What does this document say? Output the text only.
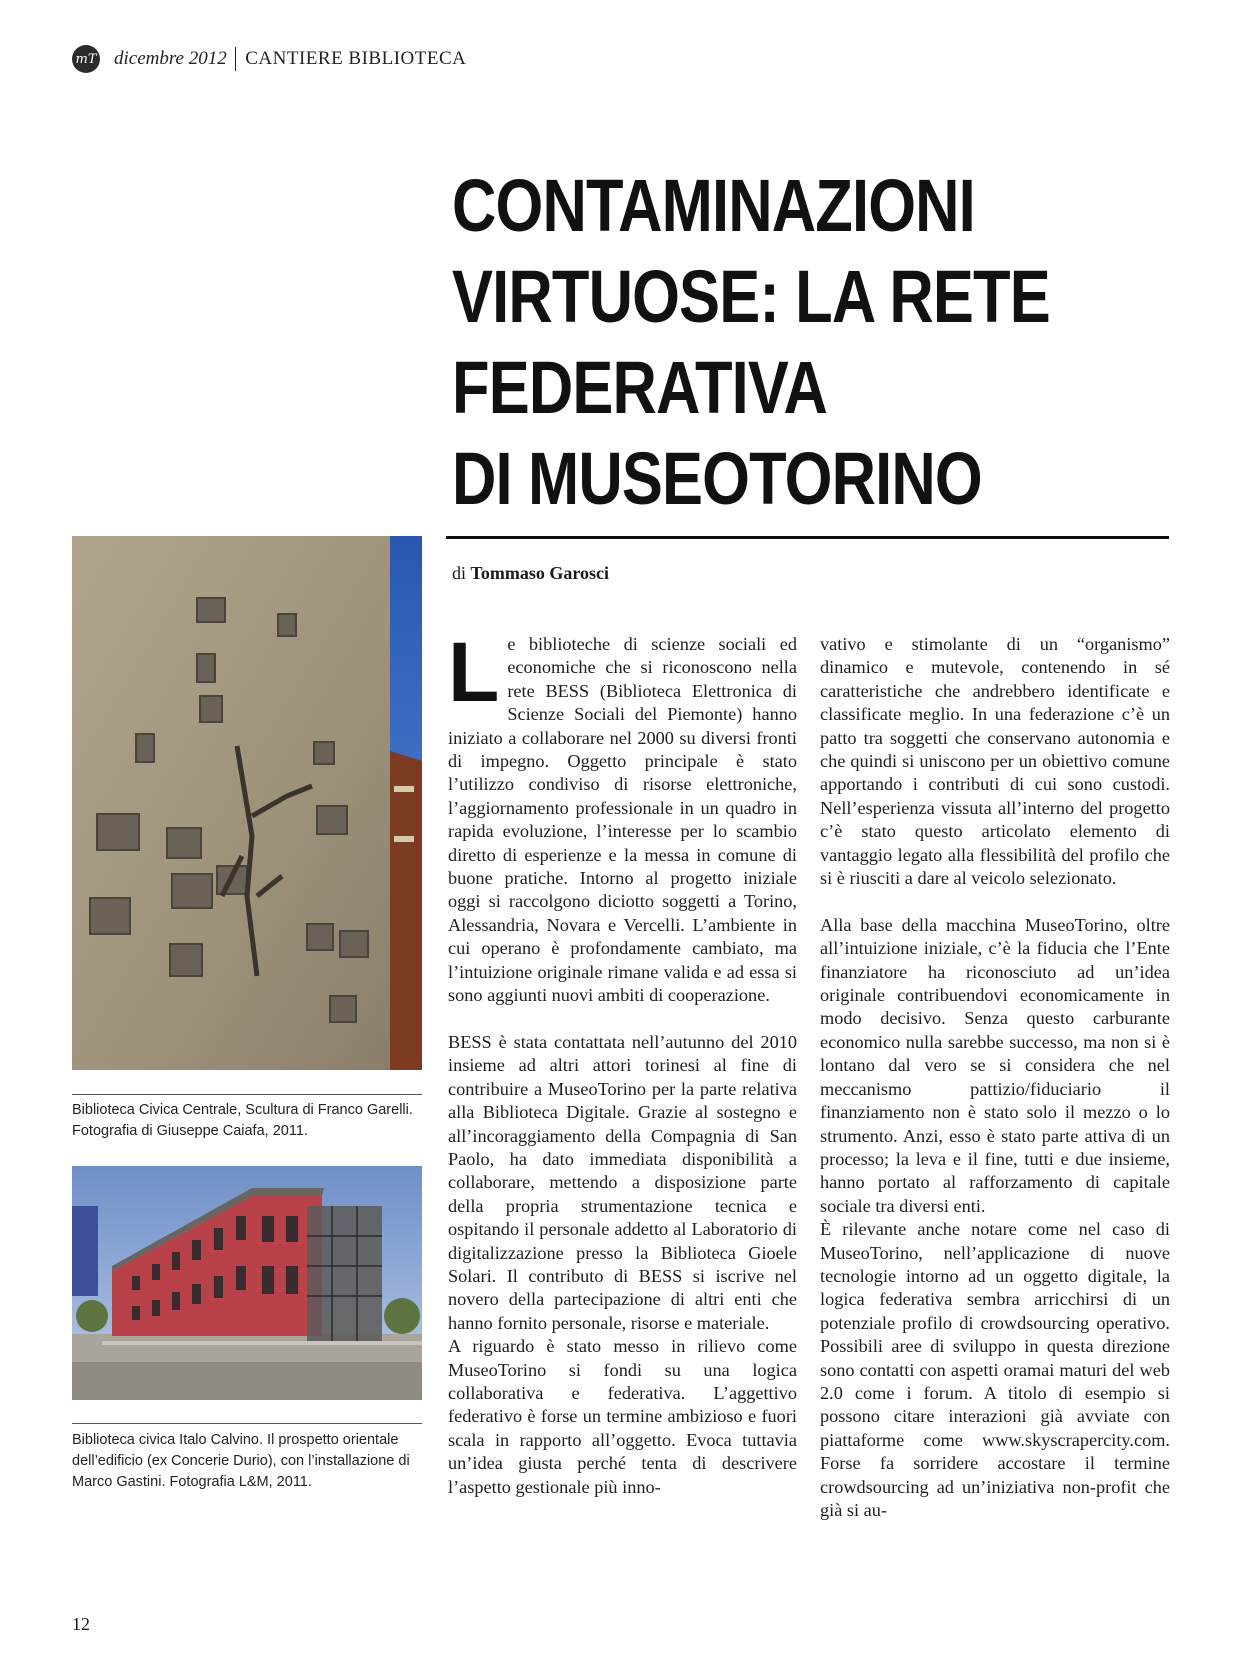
mT dicembre 2012 CANTIERE BIBLIOTECA
CONTAMINAZIONI
VIRTUOSE: LA RETE
FEDERATIVA
DI MUSEOTORINO
di Tommaso Garosci
Biblioteca Civica Centrale, Scultura di Franco Garelli.
Fotografia di Giuseppe Caiafa, 2011.
Biblioteca civica Italo Calvino. Il prospetto orientale
dell’edificio (ex Concerie Durio), con l’installazione di
Marco Gastini. Fotografia L&M, 2011.

Le biblioteche di scienze sociali ed economiche che si riconoscono nella rete BESS (Biblioteca Elettronica di Scienze Sociali del Piemonte) hanno iniziato a collaborare nel 2000 su diversi fronti di impegno. Oggetto principale è stato l’utilizzo condiviso di risorse elettroniche, l’aggiornamento professionale in un quadro in rapida evoluzione, l’interesse per lo scambio diretto di esperienze e la messa in comune di buone pratiche. Intorno al progetto iniziale oggi si raccolgono diciotto soggetti a Torino, Alessandria, Novara e Vercelli. L’ambiente in cui operano è profondamente cambiato, ma l’intuizione originale rimane valida e ad essa si sono aggiunti nuovi ambiti di cooperazione.

BESS è stata contattata nell’autunno del 2010 insieme ad altri attori torinesi al fine di contribuire a MuseoTorino per la parte relativa alla Biblioteca Digitale. Grazie al sostegno e all’incoraggiamento della Compagnia di San Paolo, ha dato immediata disponibilità a collaborare, mettendo a disposizione parte della propria strumentazione tecnica e ospitando il personale addetto al Laboratorio di digitalizzazione presso la Biblioteca Gioele Solari. Il contributo di BESS si iscrive nel novero della partecipazione di altri enti che hanno fornito personale, risorse e materiale.

A riguardo è stato messo in rilievo come MuseoTorino si fondi su una logica collaborativa e federativa. L’aggettivo federativo è forse un termine ambizioso e fuori scala in rapporto all’oggetto. Evoca tuttavia un’idea giusta perché tenta di descrivere l’aspetto gestionale più inno-

vativo e stimolante di un “organismo” dinamico e mutevole, contenendo in sé caratteristiche che andrebbero identificate e classificate meglio. In una federazione c’è un patto tra soggetti che conservano autonomia e che quindi si uniscono per un obiettivo comune apportando i contributi di cui sono custodi. Nell’esperienza vissuta all’interno del progetto c’è stato questo articolato elemento di vantaggio legato alla flessibilità del profilo che si è riusciti a dare al veicolo selezionato.

Alla base della macchina MuseoTorino, oltre all’intuizione iniziale, c’è la fiducia che l’Ente finanziatore ha riconosciuto ad un’idea originale contribuendovi economicamente in modo decisivo. Senza questo carburante economico nulla sarebbe successo, ma non si è lontano dal vero se si considera che nel meccanismo pattizio/fiduciario il finanziamento non è stato solo il mezzo o lo strumento. Anzi, esso è stato parte attiva di un processo; la leva e il fine, tutti e due insieme, hanno portato al rafforzamento di capitale sociale tra diversi enti.

È rilevante anche notare come nel caso di MuseoTorino, nell’applicazione di nuove tecnologie intorno ad un oggetto digitale, la logica federativa sembra arricchirsi di un potenziale profilo di crowdsourcing operativo. Possibili aree di sviluppo in questa direzione sono contatti con aspetti oramai maturi del web 2.0 come i forum. A titolo di esempio si possono citare interazioni già avviate con piattaforme come www.skyscrapercity.com. Forse fa sorridere accostare il termine crowdsourcing ad un’iniziativa non-profit che già si au-

12
